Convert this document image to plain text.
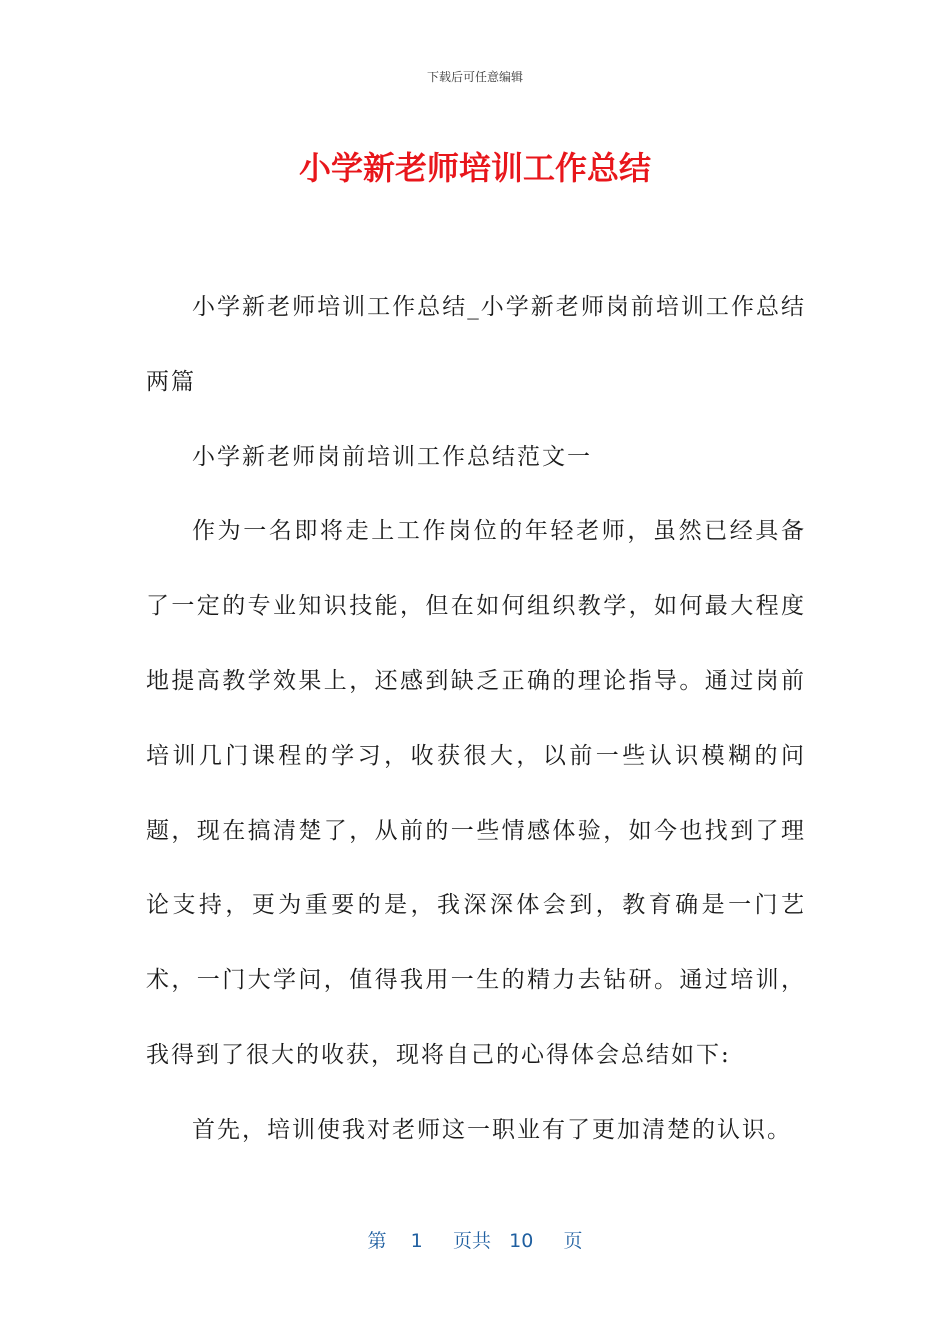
下载后可任意编辑
小学新老师培训工作总结

小学新老师培训工作总结_小学新老师岗前培训工作总结两篇

小学新老师岗前培训工作总结范文一

作为一名即将走上工作岗位的年轻老师，虽然已经具备了一定的专业知识技能，但在如何组织教学，如何最大程度地提高教学效果上，还感到缺乏正确的理论指导。通过岗前培训几门课程的学习，收获很大，以前一些认识模糊的问题，现在搞清楚了，从前的一些情感体验，如今也找到了理论支持，更为重要的是，我深深体会到，教育确是一门艺术，一门大学问，值得我用一生的精力去钻研。通过培训，我得到了很大的收获，现将自己的心得体会总结如下:

首先，培训使我对老师这一职业有了更加清楚的认识。

第 1 页共 10 页
